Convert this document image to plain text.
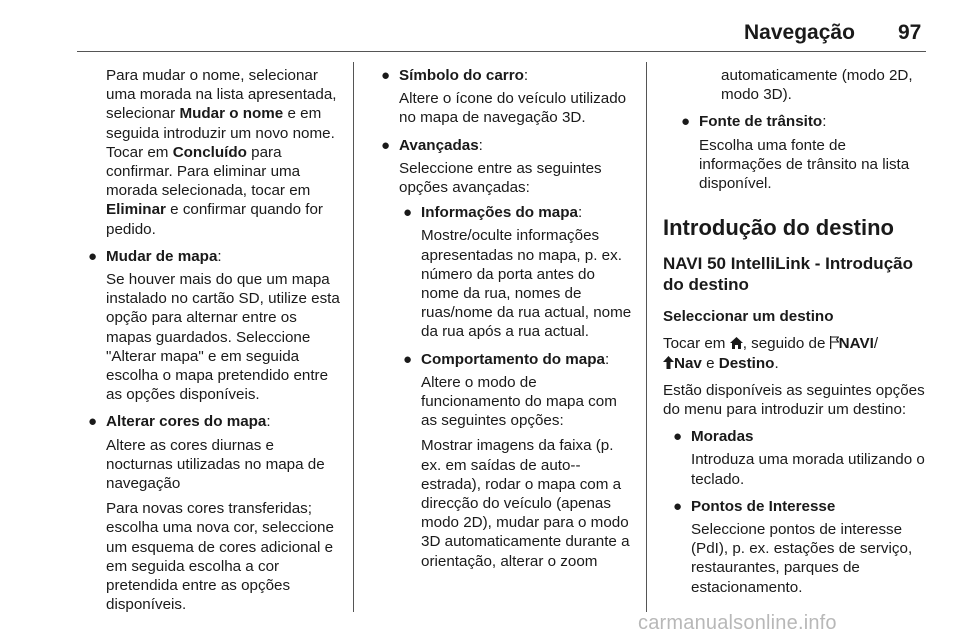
Navegação 97

Para mudar o nome, selecionar uma morada na lista apresentada, selecionar Mudar o nome e em seguida introduzir um novo nome. Tocar em Concluído para confirmar. Para eliminar uma morada selecionada, tocar em Eliminar e confirmar quando for pedido.

● Mudar de mapa:

Se houver mais do que um mapa instalado no cartão SD, utilize esta opção para alternar entre os mapas guardados. Seleccione "Alterar mapa" e em seguida escolha o mapa pretendido entre as opções disponíveis.

● Alterar cores do mapa:

Altere as cores diurnas e nocturnas utilizadas no mapa de navegação

Para novas cores transferidas; escolha uma nova cor, seleccione um esquema de cores adicional e em seguida escolha a cor pretendida entre as opções disponíveis.

● Símbolo do carro:

Altere o ícone do veículo utilizado no mapa de navegação 3D.

● Avançadas:

Seleccione entre as seguintes opções avançadas:

● Informações do mapa:

Mostre/oculte informações apresentadas no mapa, p. ex. número da porta antes do nome da rua, nomes de ruas/nome da rua actual, nome da rua após a rua actual.

● Comportamento do mapa:

Altere o modo de funcionamento do mapa com as seguintes opções:

Mostrar imagens da faixa (p. ex. em saídas de auto--estrada), rodar o mapa com a direcção do veículo (apenas modo 2D), mudar para o modo 3D automaticamente durante a orientação, alterar o zoom

automaticamente (modo 2D, modo 3D).

● Fonte de trânsito:

Escolha uma fonte de informações de trânsito na lista disponível.

Introdução do destino
NAVI 50 IntelliLink - Introdução do destino

Seleccionar um destino

Tocar em , seguido de NAVI/
Nav e Destino.

Estão disponíveis as seguintes opções do menu para introduzir um destino:

● Moradas

Introduza uma morada utilizando o teclado.

● Pontos de Interesse

Seleccione pontos de interesse (PdI), p. ex. estações de serviço, restaurantes, parques de estacionamento.

carmanualsonline.info
